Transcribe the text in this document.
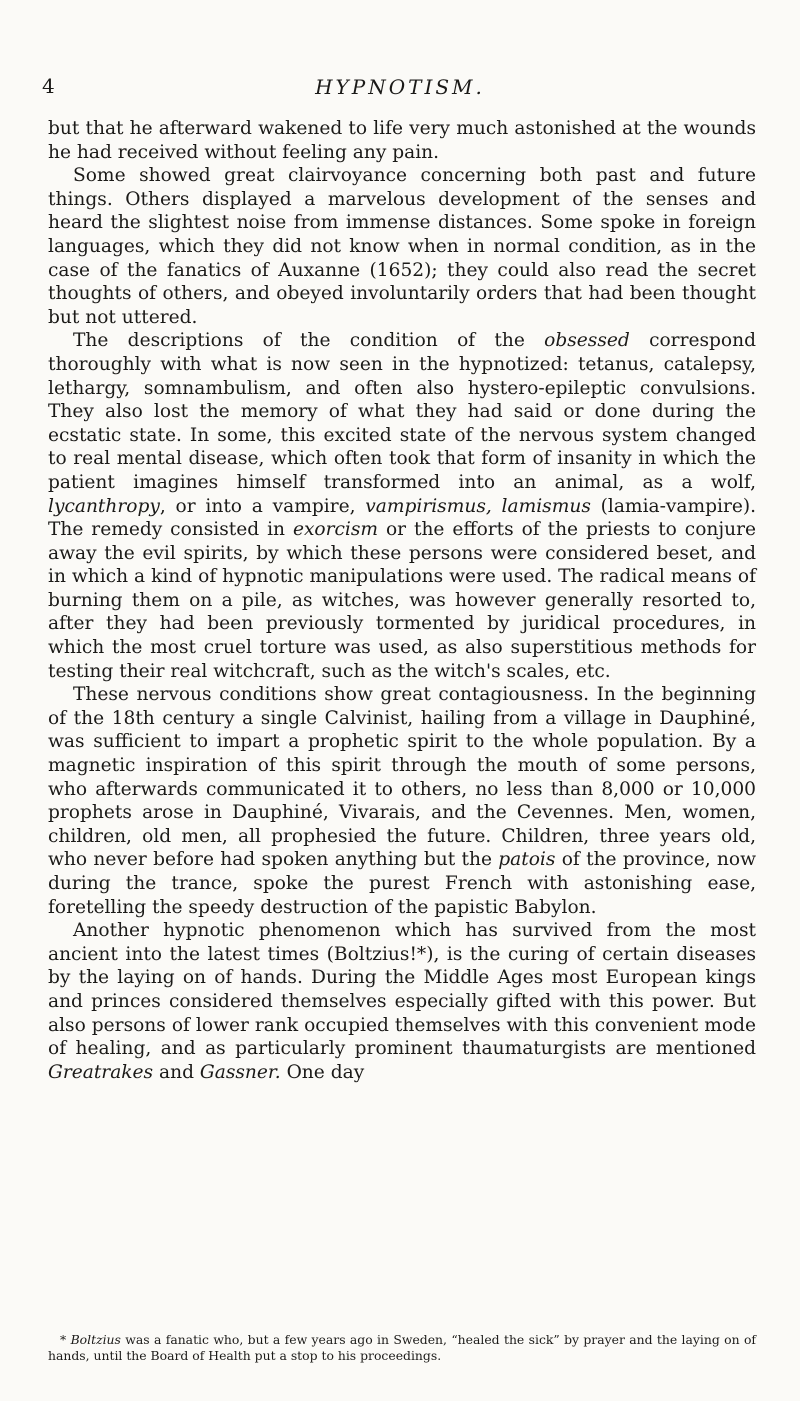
4	HYPNOTISM.

but that he afterward wakened to life very much astonished at the wounds he had received without feeling any pain.

Some showed great clairvoyance concerning both past and future things. Others displayed a marvelous development of the senses and heard the slightest noise from immense distances. Some spoke in foreign languages, which they did not know when in normal condition, as in the case of the fanatics of Auxanne (1652); they could also read the secret thoughts of others, and obeyed involuntarily orders that had been thought but not uttered.

The descriptions of the condition of the obsessed correspond thoroughly with what is now seen in the hypnotized: tetanus, catalepsy, lethargy, somnambulism, and often also hystero-epileptic convulsions. They also lost the memory of what they had said or done during the ecstatic state. In some, this excited state of the nervous system changed to real mental disease, which often took that form of insanity in which the patient imagines himself transformed into an animal, as a wolf, lycanthropy, or into a vampire, vampirismus, lamismus (lamia-vampire). The remedy consisted in exorcism or the efforts of the priests to conjure away the evil spirits, by which these persons were considered beset, and in which a kind of hypnotic manipulations were used. The radical means of burning them on a pile, as witches, was however generally resorted to, after they had been previously tormented by juridical procedures, in which the most cruel torture was used, as also superstitious methods for testing their real witchcraft, such as the witch's scales, etc.

These nervous conditions show great contagiousness. In the beginning of the 18th century a single Calvinist, hailing from a village in Dauphiné, was sufficient to impart a prophetic spirit to the whole population. By a magnetic inspiration of this spirit through the mouth of some persons, who afterwards communicated it to others, no less than 8,000 or 10,000 prophets arose in Dauphiné, Vivarais, and the Cevennes. Men, women, children, old men, all prophesied the future. Children, three years old, who never before had spoken anything but the patois of the province, now during the trance, spoke the purest French with astonishing ease, foretelling the speedy destruction of the papistic Babylon.

Another hypnotic phenomenon which has survived from the most ancient into the latest times (Boltzius!*), is the curing of certain diseases by the laying on of hands. During the Middle Ages most European kings and princes considered themselves especially gifted with this power. But also persons of lower rank occupied themselves with this convenient mode of healing, and as particularly prominent thaumaturgists are mentioned Greatrakes and Gassner. One day

* Boltzius was a fanatic who, but a few years ago in Sweden, “healed the sick” by prayer and the laying on of hands, until the Board of Health put a stop to his proceedings.
